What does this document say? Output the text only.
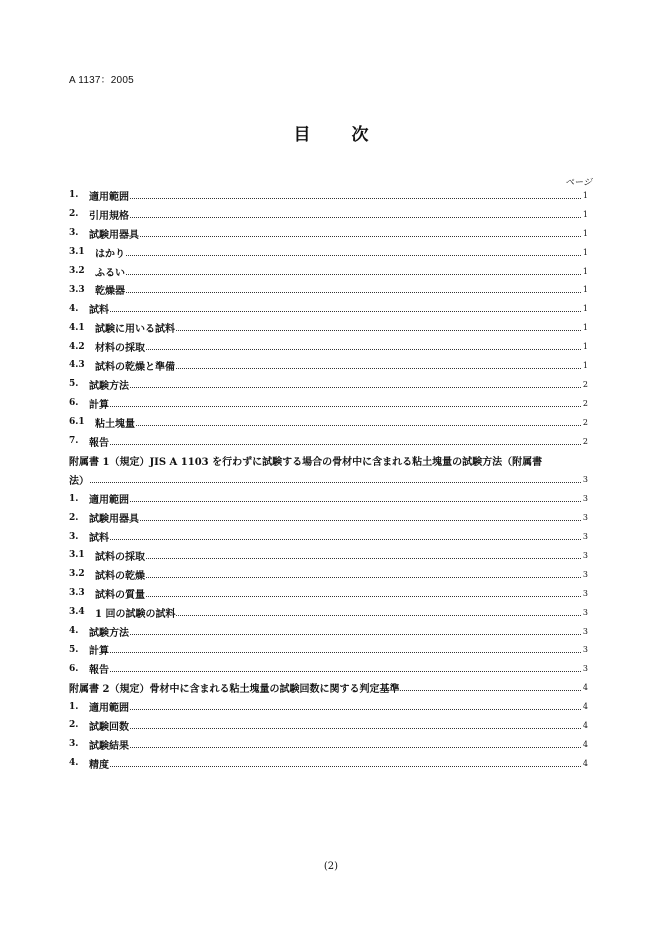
A 1137：2005
目　次
ページ
1.	適用範囲	1
2.	引用規格	1
3.	試験用器具	1
3.1	はかり	1
3.2	ふるい	1
3.3	乾燥器	1
4.	試料	1
4.1	試験に用いる試料	1
4.2	材料の採取	1
4.3	試料の乾燥と準備	1
5.	試験方法	2
6.	計算	2
6.1	粘土塊量	2
7.	報告	2
附属書 1（規定）JIS A 1103 を行わずに試験する場合の骨材中に含まれる粘土塊量の試験方法（附属書
法）	3
1.	適用範囲	3
2.	試験用器具	3
3.	試料	3
3.1	試料の採取	3
3.2	試料の乾燥	3
3.3	試料の質量	3
3.4	1 回の試験の試料	3
4.	試験方法	3
5.	計算	3
6.	報告	3
附属書 2（規定）骨材中に含まれる粘土塊量の試験回数に関する判定基準	4
1.	適用範囲	4
2.	試験回数	4
3.	試験結果	4
4.	精度	4
(2)
